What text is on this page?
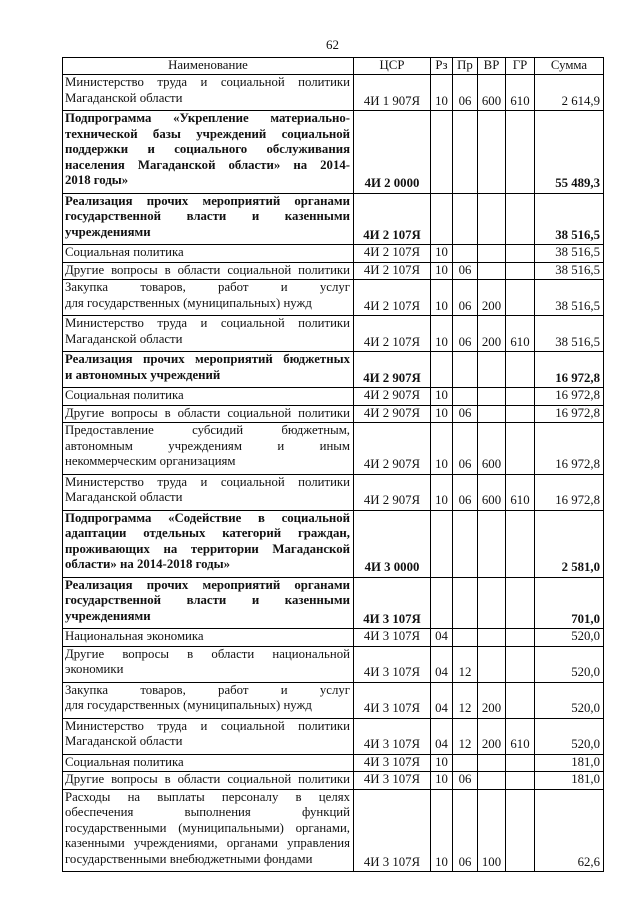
62
Наименование	ЦСР	Рз	Пр	ВР	ГР	Сумма

Министерство труда и социальной политики
Магаданской области	4И 1 907Я	10	06	600	610	2 614,9

Подпрограмма «Укрепление материально-
технической базы учреждений социальной
поддержки и социального обслуживания
населения Магаданской области» на 2014-
2018 годы»	4И 2 0000					55 489,3

Реализация прочих мероприятий органами
государственной власти и казенными
учреждениями	4И 2 107Я					38 516,5

Социальная политика	4И 2 107Я	10				38 516,5

Другие вопросы в области социальной политики	4И 2 107Я	10	06			38 516,5

Закупка товаров, работ и услуг
для государственных (муниципальных) нужд	4И 2 107Я	10	06	200		38 516,5

Министерство труда и социальной политики
Магаданской области	4И 2 107Я	10	06	200	610	38 516,5

Реализация прочих мероприятий бюджетных
и автономных учреждений	4И 2 907Я					16 972,8

Социальная политика	4И 2 907Я	10				16 972,8

Другие вопросы в области социальной политики	4И 2 907Я	10	06			16 972,8

Предоставление субсидий бюджетным,
автономным учреждениям и иным
некоммерческим организациям	4И 2 907Я	10	06	600		16 972,8

Министерство труда и социальной политики
Магаданской области	4И 2 907Я	10	06	600	610	16 972,8

Подпрограмма «Содействие в социальной
адаптации отдельных категорий граждан,
проживающих на территории Магаданской
области» на 2014-2018 годы»	4И 3 0000					2 581,0

Реализация прочих мероприятий органами
государственной власти и казенными
учреждениями	4И 3 107Я					701,0

Национальная экономика	4И 3 107Я	04				520,0

Другие вопросы в области национальной
экономики	4И 3 107Я	04	12			520,0

Закупка товаров, работ и услуг
для государственных (муниципальных) нужд	4И 3 107Я	04	12	200		520,0

Министерство труда и социальной политики
Магаданской области	4И 3 107Я	04	12	200	610	520,0

Социальная политика	4И 3 107Я	10				181,0

Другие вопросы в области социальной политики	4И 3 107Я	10	06			181,0

Расходы на выплаты персоналу в целях
обеспечения выполнения функций
государственными (муниципальными) органами,
казенными учреждениями, органами управления
государственными внебюджетными фондами	4И 3 107Я	10	06	100		62,6
